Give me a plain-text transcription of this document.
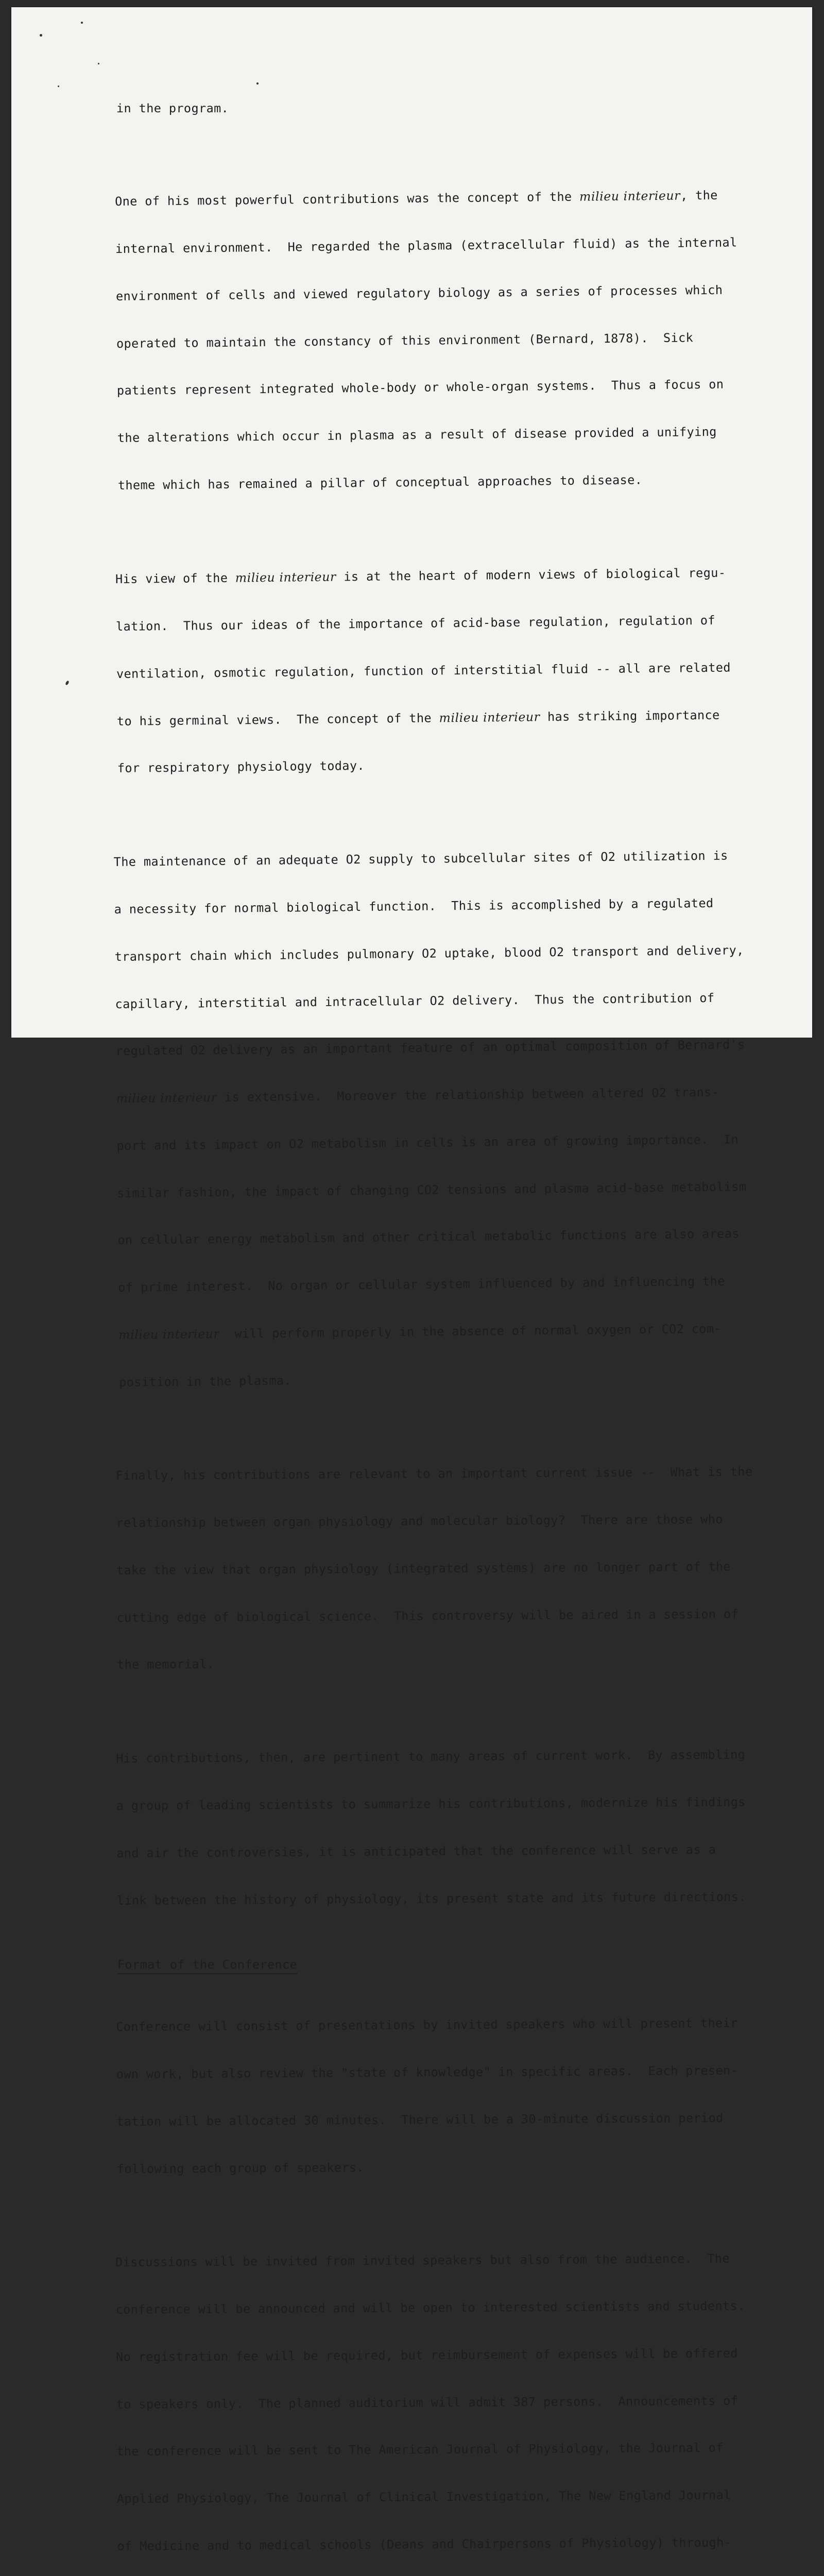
in the program.

One of his most powerful contributions was the concept of the milieu interieur, the

internal environment.  He regarded the plasma (extracellular fluid) as the internal

environment of cells and viewed regulatory biology as a series of processes which

operated to maintain the constancy of this environment (Bernard, 1878).  Sick

patients represent integrated whole-body or whole-organ systems.  Thus a focus on

the alterations which occur in plasma as a result of disease provided a unifying

theme which has remained a pillar of conceptual approaches to disease.

His view of the milieu interieur is at the heart of modern views of biological regu-

lation.  Thus our ideas of the importance of acid-base regulation, regulation of

ventilation, osmotic regulation, function of interstitial fluid -- all are related

to his germinal views.  The concept of the milieu interieur has striking importance

for respiratory physiology today.

The maintenance of an adequate O2 supply to subcellular sites of O2 utilization is

a necessity for normal biological function.  This is accomplished by a regulated

transport chain which includes pulmonary O2 uptake, blood O2 transport and delivery,

capillary, interstitial and intracellular O2 delivery.  Thus the contribution of

regulated O2 delivery as an important feature of an optimal composition of Bernard's

milieu interieur is extensive.  Moreover the relationship between altered O2 trans-

port and its impact on O2 metabolism in cells is an area of growing importance.  In

similar fashion, the impact of changing CO2 tensions and plasma acid-base metabolism

on cellular energy metabolism and other critical metabolic functions are also areas

of prime interest.  No organ or cellular system influenced by and influencing the

milieu interieur  will perform properly in the absence of normal oxygen or CO2 com-

position in the plasma.

Finally, his contributions are relevant to an important current issue --  What is the

relationship between organ physiology and molecular biology?  There are those who

take the view that organ physiology (integrated systems) are no longer part of the

cutting edge of biological science.  This controversy will be aired in a session of

the memorial.

His contributions, then, are pertinent to many areas of current work.  By assembling

a group of leading scientists to summarize his contributions, modernize his findings

and air the controversies, it is anticipated that the conference will serve as a

link between the history of physiology, its present state and its future directions.

Format of the Conference

Conference will consist of presentations by invited speakers who will present their

own work, but also review the "state of knowledge" in specific areas.  Each presen-

tation will be allocated 30 minutes.  There will be a 30-minute discussion period

following each group of speakers.

Discussions will be invited from invited speakers but also from the audience.  The

conference will be announced and will be open to interested scientists and students.

No registration fee will be required, but reimbursement of expenses will be offered

to speakers only.  The planned auditorium will admit 387 persons.  Announcements of

the conference will be sent to The American Journal of Physiology, the Journal of

Applied Physiology, The Journal of Clinical Investigation, The New England Journal

of Medicine and to medical schools (Deans and Chairpersons of Physiology) through-
